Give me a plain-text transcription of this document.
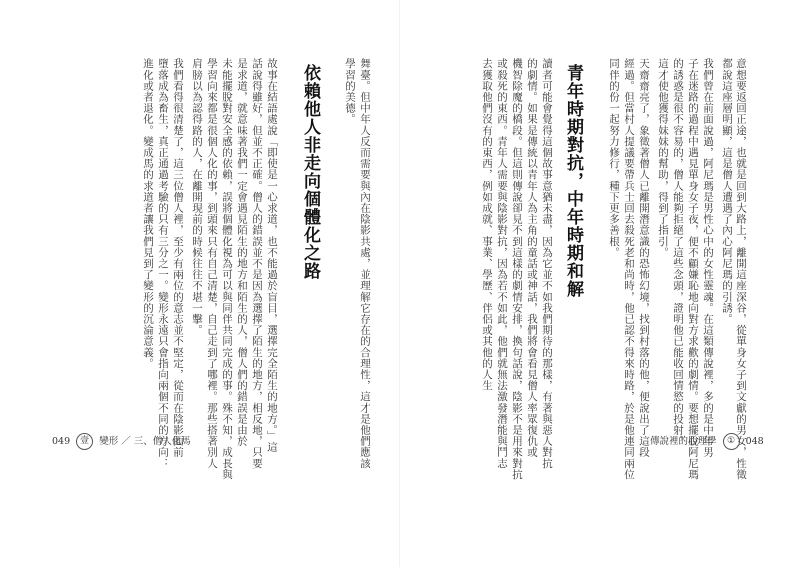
意想要返回正途，也就是回到大路上，離開這座深谷，從單身女子到文獻的男女，性徵
都說這座層明顯，這是僧人遭遇了內心阿尼瑪的引誘。
我們曾在前面說過，阿尼瑪是男性心中的女性靈魂。在這類傳說裡，多的是中年男
子在迷路的過程中遇見單身女子夜，便不顧嫌恥地向對方求歡的劇情。要想擺脫阿尼瑪
的誘惑是很不容易的，僧人能夠拒絕了這些念頭，證明他已能收回情慾的投射，
這才使他獲得妹妹的幫助，得到了指引。
天齋齋亮了，象徵著僧人已離開潛意識的恐怖幻境，找到村落的他，便說出了這段
經過。但當村人提議要帶兵士回去殺死老和尚時，他已認不得來時路，於是他連同兩位
同伴的份一起努力修行，種下更多善根。
青年時期對抗，中年時期和解
讀者可能會覺得這個故事意猶未盡，因為它並不如我們期待的那樣，有著與惡人對抗
的劇情。如果是傳統以青年人為主角的童話或神話，我們將會看見僧人率眾復仇或
機智除魔的橋段。但這則傳說卻見不到這樣的劇情安排，換句話說，陰影不是用來對抗
或殺死的東西。青年人需要與陰影對抗，因為若不如此，他們就無法激發潛能與鬥志
去獲取他們沒有的東西，例如成就、事業、學歷、伴侶或其他的人生
傳說裡的心理學 ① 048
舞臺。但中年人反而需要與內在陰影共處，並理解它存在的合理性，這才是他們應該
學習的美德。
依賴他人非走向個體化之路
故事在結語處說「即使是一心求道，也不能過於盲目，選擇完全陌生的地方。」這
話說得雖好，但並不正確。僧人的錯誤並不是因為選擇了陌生的地方，相反地，只要
是求道，就意味著我們一定會遇見陌生的地方和陌生的人，僧人們的錯誤是由於
未能擺脫對安全感的依賴，誤將個體化視為可以與同伴共同完成的事。殊不知，成長與
學習向來都是很個人化的事，到頭來只有自己清楚，自己走到了哪裡。那些搭著別人
肩膀以為認得路的人，在離開現前的時候往往不堪一擊。
我們看得很清楚了，這三位僧人裡，至少有兩位的意志並不堅定，從而在陰影面前
墮落成為畜生，真正通過考驗的只有三分之一。變形永遠只會指向兩個不同的方向：
進化或者退化。變成馬的求道者讓我們見到了變形的沉淪意義。
049 壹 變形 ／ 三、僧人化馬
